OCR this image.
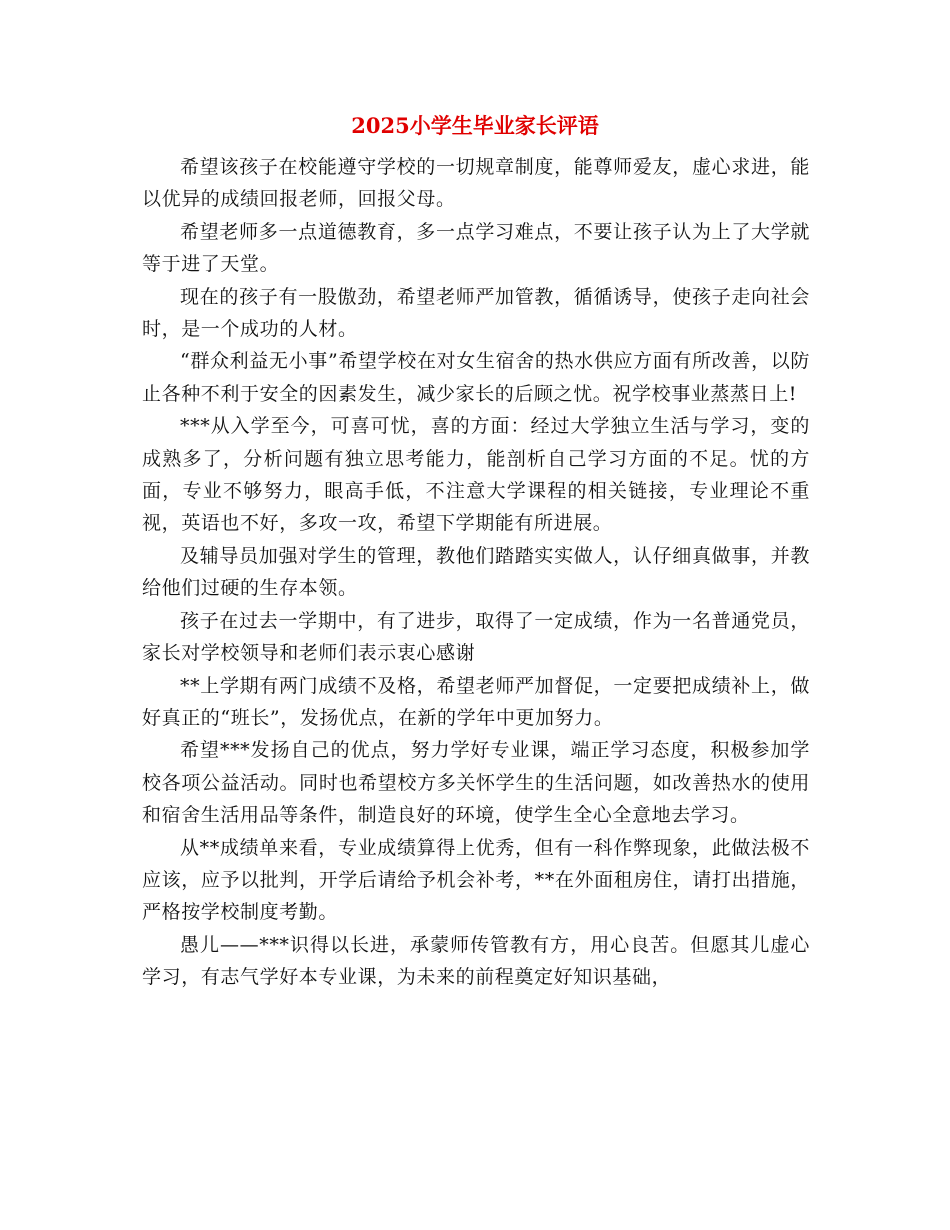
2025小学生毕业家长评语

希望该孩子在校能遵守学校的一切规章制度，能尊师爱友，虚心求进，能以优异的成绩回报老师，回报父母。

希望老师多一点道德教育，多一点学习难点，不要让孩子认为上了大学就等于进了天堂。

现在的孩子有一股傲劲，希望老师严加管教，循循诱导，使孩子走向社会时，是一个成功的人材。

“群众利益无小事”希望学校在对女生宿舍的热水供应方面有所改善，以防止各种不利于安全的因素发生，减少家长的后顾之忧。祝学校事业蒸蒸日上!

***从入学至今，可喜可忧，喜的方面：经过大学独立生活与学习，变的成熟多了，分析问题有独立思考能力，能剖析自己学习方面的不足。忧的方面，专业不够努力，眼高手低，不注意大学课程的相关链接，专业理论不重视，英语也不好，多攻一攻，希望下学期能有所进展。

及辅导员加强对学生的管理，教他们踏踏实实做人，认仔细真做事，并教给他们过硬的生存本领。

孩子在过去一学期中，有了进步，取得了一定成绩，作为一名普通党员，家长对学校领导和老师们表示衷心感谢

**上学期有两门成绩不及格，希望老师严加督促，一定要把成绩补上，做好真正的“班长”，发扬优点，在新的学年中更加努力。

希望***发扬自己的优点，努力学好专业课，端正学习态度，积极参加学校各项公益活动。同时也希望校方多关怀学生的生活问题，如改善热水的使用和宿舍生活用品等条件，制造良好的环境，使学生全心全意地去学习。

从**成绩单来看，专业成绩算得上优秀，但有一科作弊现象，此做法极不应该，应予以批判，开学后请给予机会补考，**在外面租房住，请打出措施，严格按学校制度考勤。

愚儿——***识得以长进，承蒙师传管教有方，用心良苦。但愿其儿虚心学习，有志气学好本专业课，为未来的前程奠定好知识基础，
